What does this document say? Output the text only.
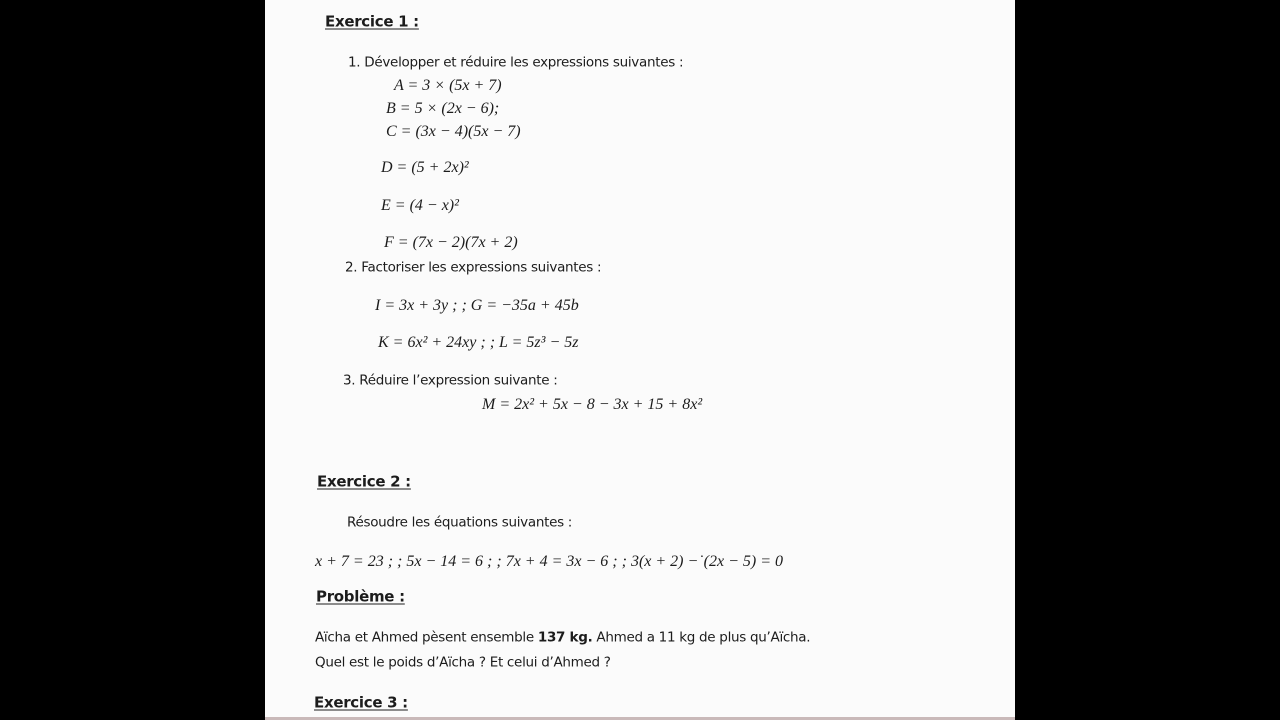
Exercice 1 :
1. Développer et réduire les expressions suivantes :
A = 3 × (5x + 7)
B = 5 × (2x − 6);
C = (3x − 4)(5x − 7)
D = (5 + 2x)²
E = (4 − x)²
F = (7x − 2)(7x + 2)
2. Factoriser les expressions suivantes :
I = 3x + 3y ; ; G = −35a + 45b
K = 6x² + 24xy ; ; L = 5z³ − 5z
3. Réduire l’expression suivante :
M = 2x² + 5x − 8 − 3x + 15 + 8x²
Exercice 2 :
Résoudre les équations suivantes :
x + 7 = 23 ; ; 5x − 14 = 6 ; ; 7x + 4 = 3x − 6 ; ; 3(x + 2) −˙(2x − 5) = 0
Problème :
Aïcha et Ahmed pèsent ensemble 137 kg. Ahmed a 11 kg de plus qu’Aïcha.
Quel est le poids d’Aïcha ? Et celui d’Ahmed ?
Exercice 3 :
